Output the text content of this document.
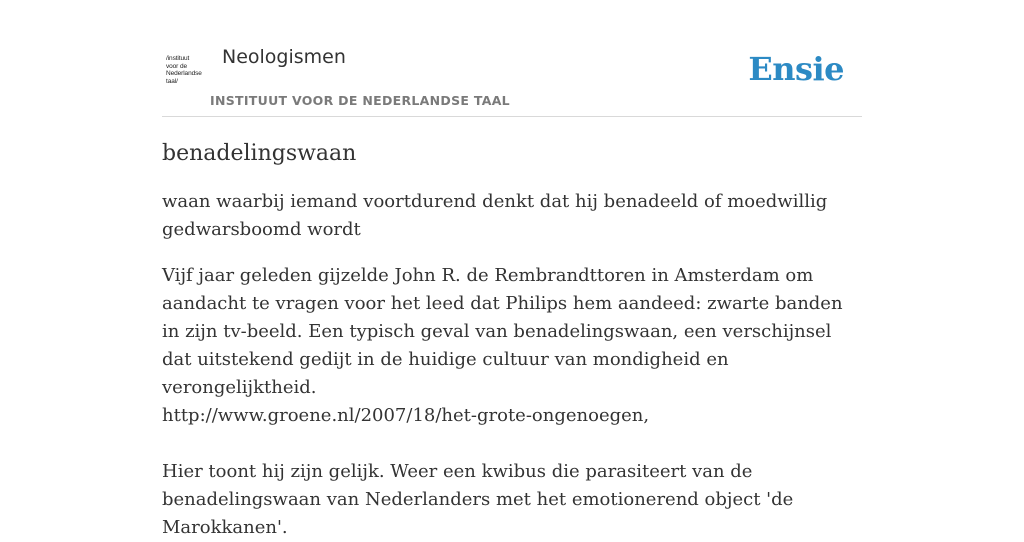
/instituut
voor de
Nederlandse
taal/
Neologismen
INSTITUUT VOOR DE NEDERLANDSE TAAL
Ensie
benadelingswaan

waan waarbij iemand voortdurend denkt dat hij benadeeld of moedwillig gedwarsboomd wordt

Vijf jaar geleden gijzelde John R. de Rembrandttoren in Amsterdam om aandacht te vragen voor het leed dat Philips hem aandeed: zwarte banden in zijn tv-beeld. Een typisch geval van benadelingswaan, een verschijnsel dat uitstekend gedijt in de huidige cultuur van mondigheid en verongelijktheid.

http://www.groene.nl/2007/18/het-grote-ongenoegen,

Hier toont hij zijn gelijk. Weer een kwibus die parasiteert van de benadelingswaan van Nederlanders met het emotionerend object 'de Marokkanen'.
